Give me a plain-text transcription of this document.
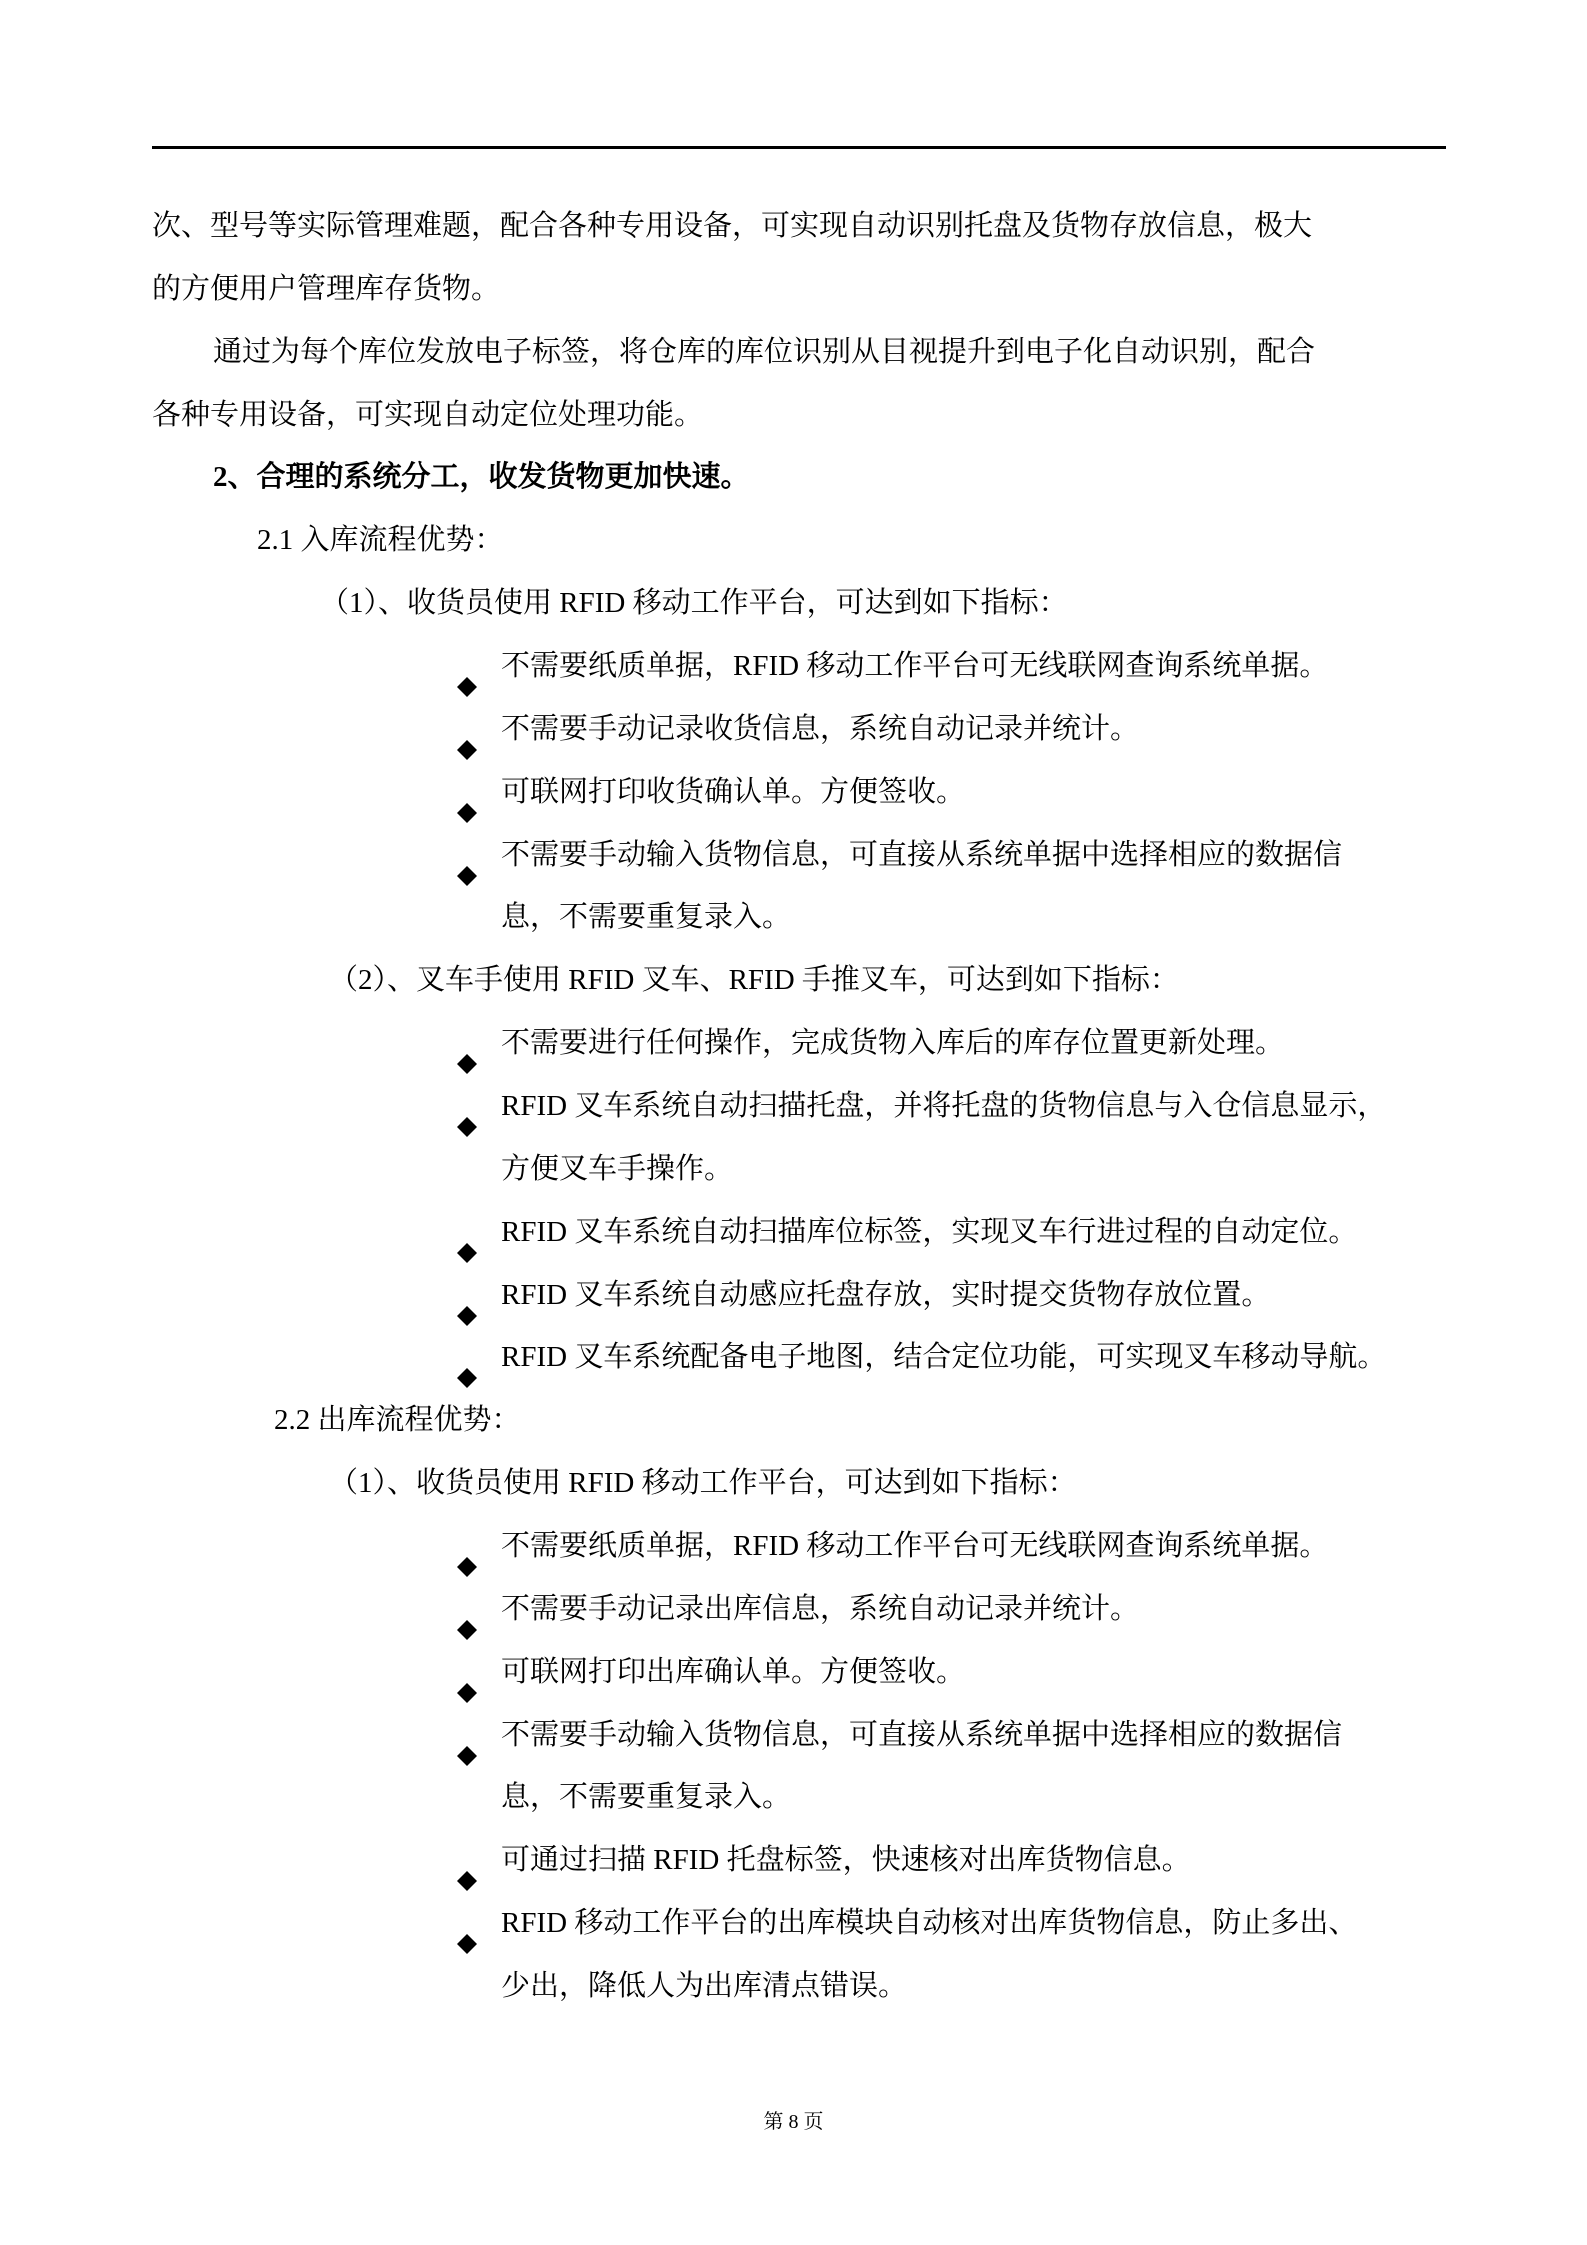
次、型号等实际管理难题，配合各种专用设备，可实现自动识别托盘及货物存放信息，极大
的方便用户管理库存货物。
通过为每个库位发放电子标签，将仓库的库位识别从目视提升到电子化自动识别，配合
各种专用设备，可实现自动定位处理功能。
2、合理的系统分工，收发货物更加快速。
2.1 入库流程优势：
（1）、收货员使用 RFID 移动工作平台，可达到如下指标：
不需要纸质单据，RFID 移动工作平台可无线联网查询系统单据。
不需要手动记录收货信息，系统自动记录并统计。
可联网打印收货确认单。方便签收。
不需要手动输入货物信息，可直接从系统单据中选择相应的数据信
息，不需要重复录入。
（2）、叉车手使用 RFID 叉车、RFID 手推叉车，可达到如下指标：
不需要进行任何操作，完成货物入库后的库存位置更新处理。
RFID 叉车系统自动扫描托盘，并将托盘的货物信息与入仓信息显示，
方便叉车手操作。
RFID 叉车系统自动扫描库位标签，实现叉车行进过程的自动定位。
RFID 叉车系统自动感应托盘存放，实时提交货物存放位置。
RFID 叉车系统配备电子地图，结合定位功能，可实现叉车移动导航。
2.2 出库流程优势：
（1）、收货员使用 RFID 移动工作平台，可达到如下指标：
不需要纸质单据，RFID 移动工作平台可无线联网查询系统单据。
不需要手动记录出库信息，系统自动记录并统计。
可联网打印出库确认单。方便签收。
不需要手动输入货物信息，可直接从系统单据中选择相应的数据信
息，不需要重复录入。
可通过扫描 RFID 托盘标签，快速核对出库货物信息。
RFID 移动工作平台的出库模块自动核对出库货物信息，防止多出、
少出，降低人为出库清点错误。
第 8 页
